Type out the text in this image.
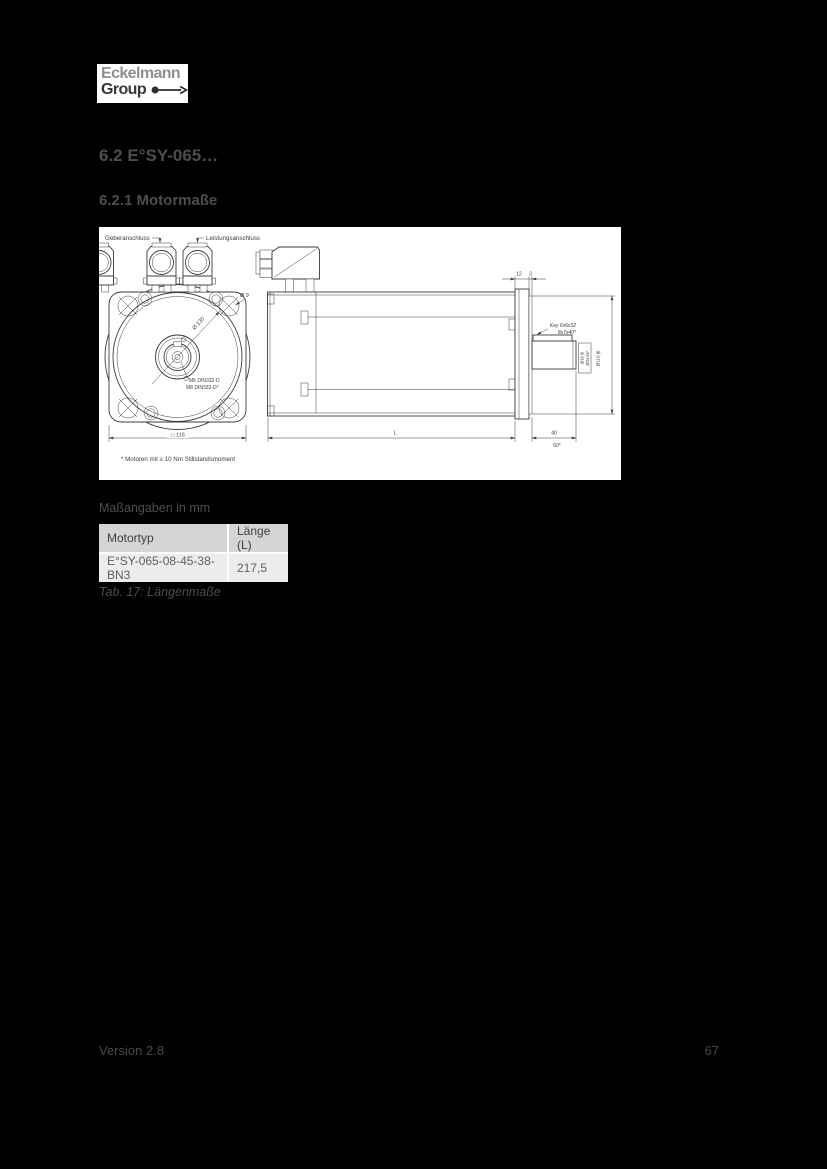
Eckelmann
Group
6.2 E°SY-065…
6.2.1 Motormaße
Ø 130
M6 DIN332-D
M8 DIN332-D*
Ø 9
□ 116
Geberanschluss	Leistungsanschluss
Key 6x6x32
8x7x40*
Ø19 j6 Ø24 k6* Ø110 j6
12 3
L	40
50*
* Motoren mit ≥ 10 Nm Stillstandsmoment
Maßangaben in mm
Motortyp	Länge (L)
E°SY-065-08-45-38-BN3	217,5
Tab. 17: Längenmaße
Version 2.8	67
